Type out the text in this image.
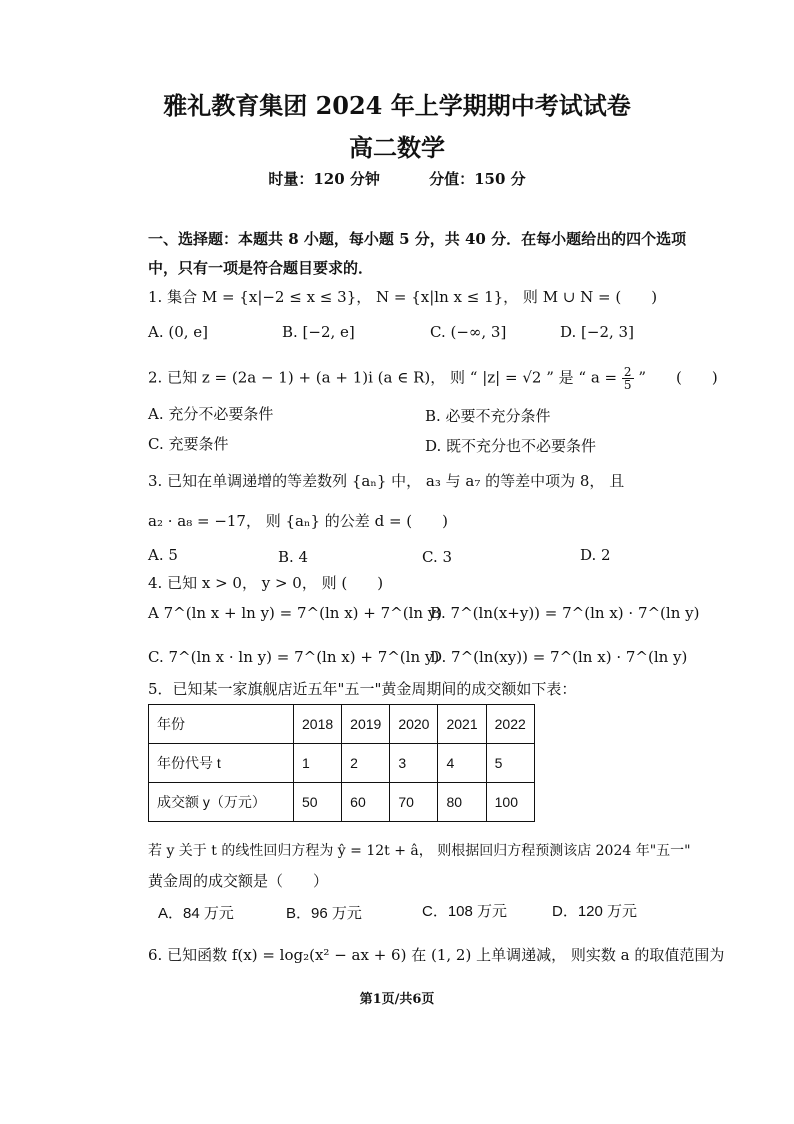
雅礼教育集团 2024 年上学期期中考试试卷
高二数学
时量：120 分钟	分值：150 分
一、选择题：本题共 8 小题，每小题 5 分，共 40 分．在每小题给出的四个选项
中，只有一项是符合题目要求的．
1. 集合 M = {x|−2 ≤ x ≤ 3}， N = {x|ln x ≤ 1}， 则 M ∪ N = (　　)
A. (0, e]	B. [−2, e]	C. (−∞, 3]	D. [−2, 3]
2. 已知 z = (2a − 1) + (a + 1)i (a ∈ R)， 则 “ |z| = √2 ” 是 “ $a = \frac{2}{5}$ ”　　(　　)
A. 充分不必要条件	B. 必要不充分条件
C. 充要条件	D. 既不充分也不必要条件
3. 已知在单调递增的等差数列 {aₙ} 中， a₃ 与 a₇ 的等差中项为 8， 且
a₂ · a₈ = −17， 则 {aₙ} 的公差 d = (　　)
A. 5	B. 4	C. 3	D. 2
4. 已知 x > 0， y > 0， 则 (　　)
A 7^(ln x + ln y) = 7^(ln x) + 7^(ln y)
B. 7^(ln(x+y)) = 7^(ln x) · 7^(ln y)
C. 7^(ln x · ln y) = 7^(ln x) + 7^(ln y)
D. 7^(ln(xy)) = 7^(ln x) · 7^(ln y)
5．已知某一家旗舰店近五年"五一"黄金周期间的成交额如下表：
年份	2018	2019	2020	2021	2022
年份代号 t	1	2	3	4	5
成交额 y（万元）	50	60	70	80	100
若 y 关于 t 的线性回归方程为 ŷ = 12t + â， 则根据回归方程预测该店 2024 年"五一"
黄金周的成交额是（　　）
A．84 万元	B．96 万元	C．108 万元	D．120 万元
6. 已知函数 f(x) = log₂(x² − ax + 6) 在 (1, 2) 上单调递减， 则实数 a 的取值范围为
第1页/共6页
